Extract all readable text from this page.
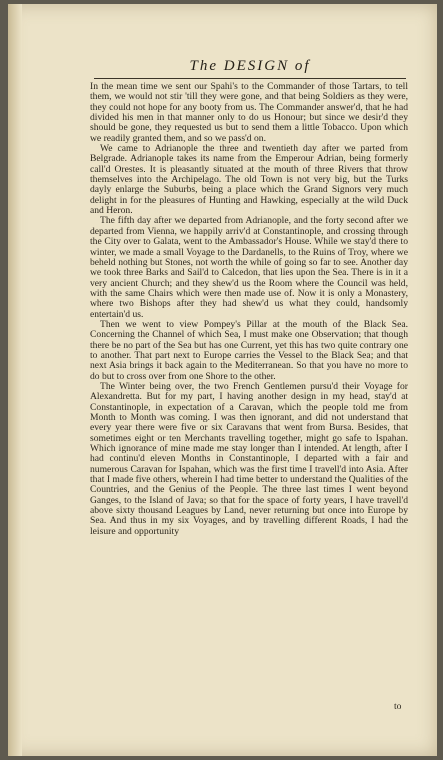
The DESIGN of

In the mean time we sent our Spahi's to the Commander of those Tartars, to tell them, we would not stir 'till they were gone, and that being Soldiers as they were, they could not hope for any booty from us. The Commander answer'd, that he had divided his men in that manner only to do us Honour; but since we desir'd they should be gone, they requested us but to send them a little Tobacco. Upon which we readily granted them, and so we pass'd on.

We came to Adrianople the three and twentieth day after we parted from Belgrade. Adrianople takes its name from the Emperour Adrian, being formerly call'd Orestes. It is pleasantly situated at the mouth of three Rivers that throw themselves into the Archipelago. The old Town is not very big, but the Turks dayly enlarge the Suburbs, being a place which the Grand Signors very much delight in for the pleasures of Hunting and Hawking, especially at the wild Duck and Heron.

The fifth day after we departed from Adrianople, and the forty second after we departed from Vienna, we happily arriv'd at Constantinople, and crossing through the City over to Galata, went to the Ambassador's House. While we stay'd there to winter, we made a small Voyage to the Dardanells, to the Ruins of Troy, where we beheld nothing but Stones, not worth the while of going so far to see. Another day we took three Barks and Sail'd to Calcedon, that lies upon the Sea. There is in it a very ancient Church; and they shew'd us the Room where the Council was held, with the same Chairs which were then made use of. Now it is only a Monastery, where two Bishops after they had shew'd us what they could, handsomly entertain'd us.

Then we went to view Pompey's Pillar at the mouth of the Black Sea. Concerning the Channel of which Sea, I must make one Observation; that though there be no part of the Sea but has one Current, yet this has two quite contrary one to another. That part next to Europe carries the Vessel to the Black Sea; and that next Asia brings it back again to the Mediterranean. So that you have no more to do but to cross over from one Shore to the other.

The Winter being over, the two French Gentlemen pursu'd their Voyage for Alexandretta. But for my part, I having another design in my head, stay'd at Constantinople, in expectation of a Caravan, which the people told me from Month to Month was coming. I was then ignorant, and did not understand that every year there were five or six Caravans that went from Bursa. Besides, that sometimes eight or ten Merchants travelling together, might go safe to Ispahan. Which ignorance of mine made me stay longer than I intended. At length, after I had continu'd eleven Months in Constantinople, I departed with a fair and numerous Caravan for Ispahan, which was the first time I travell'd into Asia. After that I made five others, wherein I had time better to understand the Qualities of the Countries, and the Genius of the People. The three last times I went beyond Ganges, to the Island of Java; so that for the space of forty years, I have travell'd above sixty thousand Leagues by Land, never returning but once into Europe by Sea. And thus in my six Voyages, and by travelling different Roads, I had the leisure and opportunity

to
